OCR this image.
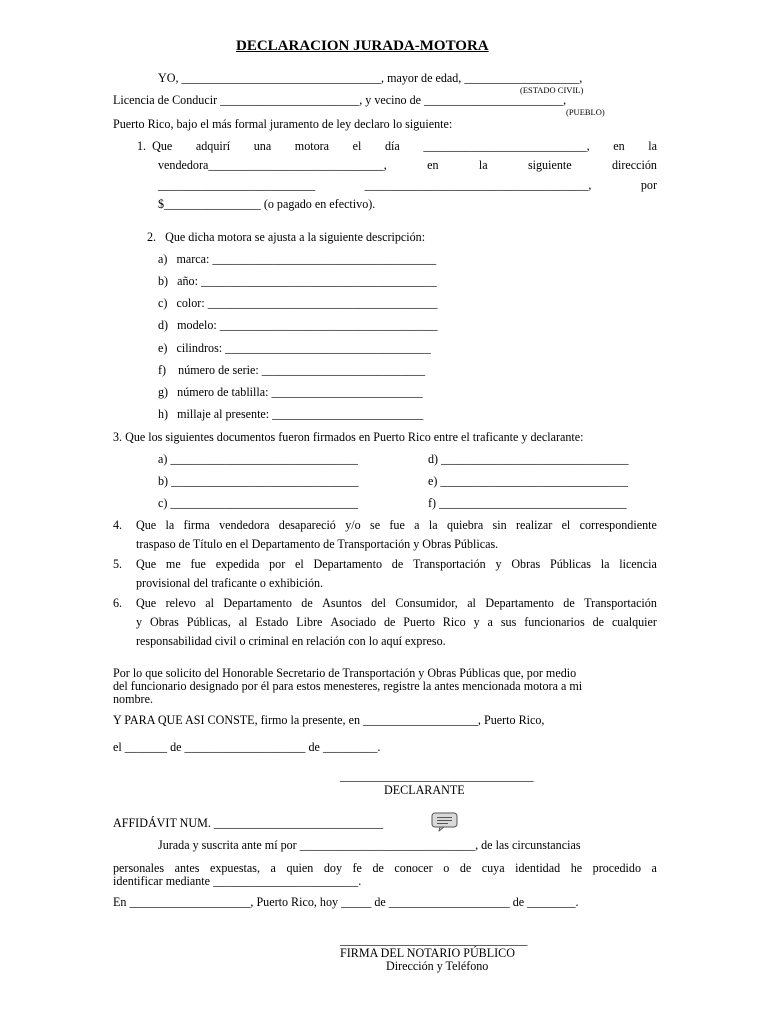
DECLARACION JURADA-MOTORA
YO, _________________________________, mayor de edad, ___________________,
(ESTADO CIVIL)
Licencia de Conducir _______________________, y vecino de _______________________,
(PUEBLO)
Puerto Rico, bajo el más formal juramento de ley declaro lo siguiente:
1.  Que adquirí una motora el día ___________________________, en la
vendedora_____________________________,	en	la	siguiente	dirección
__________________________	_____________________________________,	por
$________________ (o pagado en efectivo).
2.   Que dicha motora se ajusta a la siguiente descripción:
a)   marca: _____________________________________
b)   año: _______________________________________
c)   color: ______________________________________
d)   modelo: ____________________________________
e)   cilindros: __________________________________
f)    número de serie: ___________________________
g)   número de tablilla: _________________________
h)   millaje al presente: _________________________
3. Que los siguientes documentos fueron firmados en Puerto Rico entre el traficante y declarante:
a) _______________________________
b) _______________________________
c) _______________________________
d) _______________________________
e) _______________________________
f) _______________________________
4. Que la firma vendedora desapareció y/o se fue a la quiebra sin realizar el correspondiente
traspaso de Título en el Departamento de Transportación y Obras Públicas.
5. Que me fue expedida por el Departamento de Transportación y Obras Públicas la licencia
provisional del traficante o exhibición.
6. Que relevo al Departamento de Asuntos del Consumidor, al Departamento de Transportación
y Obras Públicas, al Estado Libre Asociado de Puerto Rico y a sus funcionarios de cualquier
responsabilidad civil o criminal en relación con lo aquí expreso.
Por lo que solicito del Honorable Secretario de Transportación y Obras Públicas que, por medio
del funcionario designado por él para estos menesteres, registre la antes mencionada motora a mi
nombre.
Y PARA QUE ASI CONSTE, firmo la presente, en ___________________, Puerto Rico,
el _______ de ____________________ de _________.
________________________________
DECLARANTE
AFFIDÁVIT NUM. ____________________________
Jurada y suscrita ante mí por _____________________________, de las circunstancias
personales antes expuestas, a quien doy fe de conocer o de cuya identidad he procedido a
identificar mediante ________________________.
En ____________________, Puerto Rico, hoy _____ de ____________________ de ________.
_______________________________
FIRMA DEL NOTARIO PÚBLICO
Dirección y Teléfono
